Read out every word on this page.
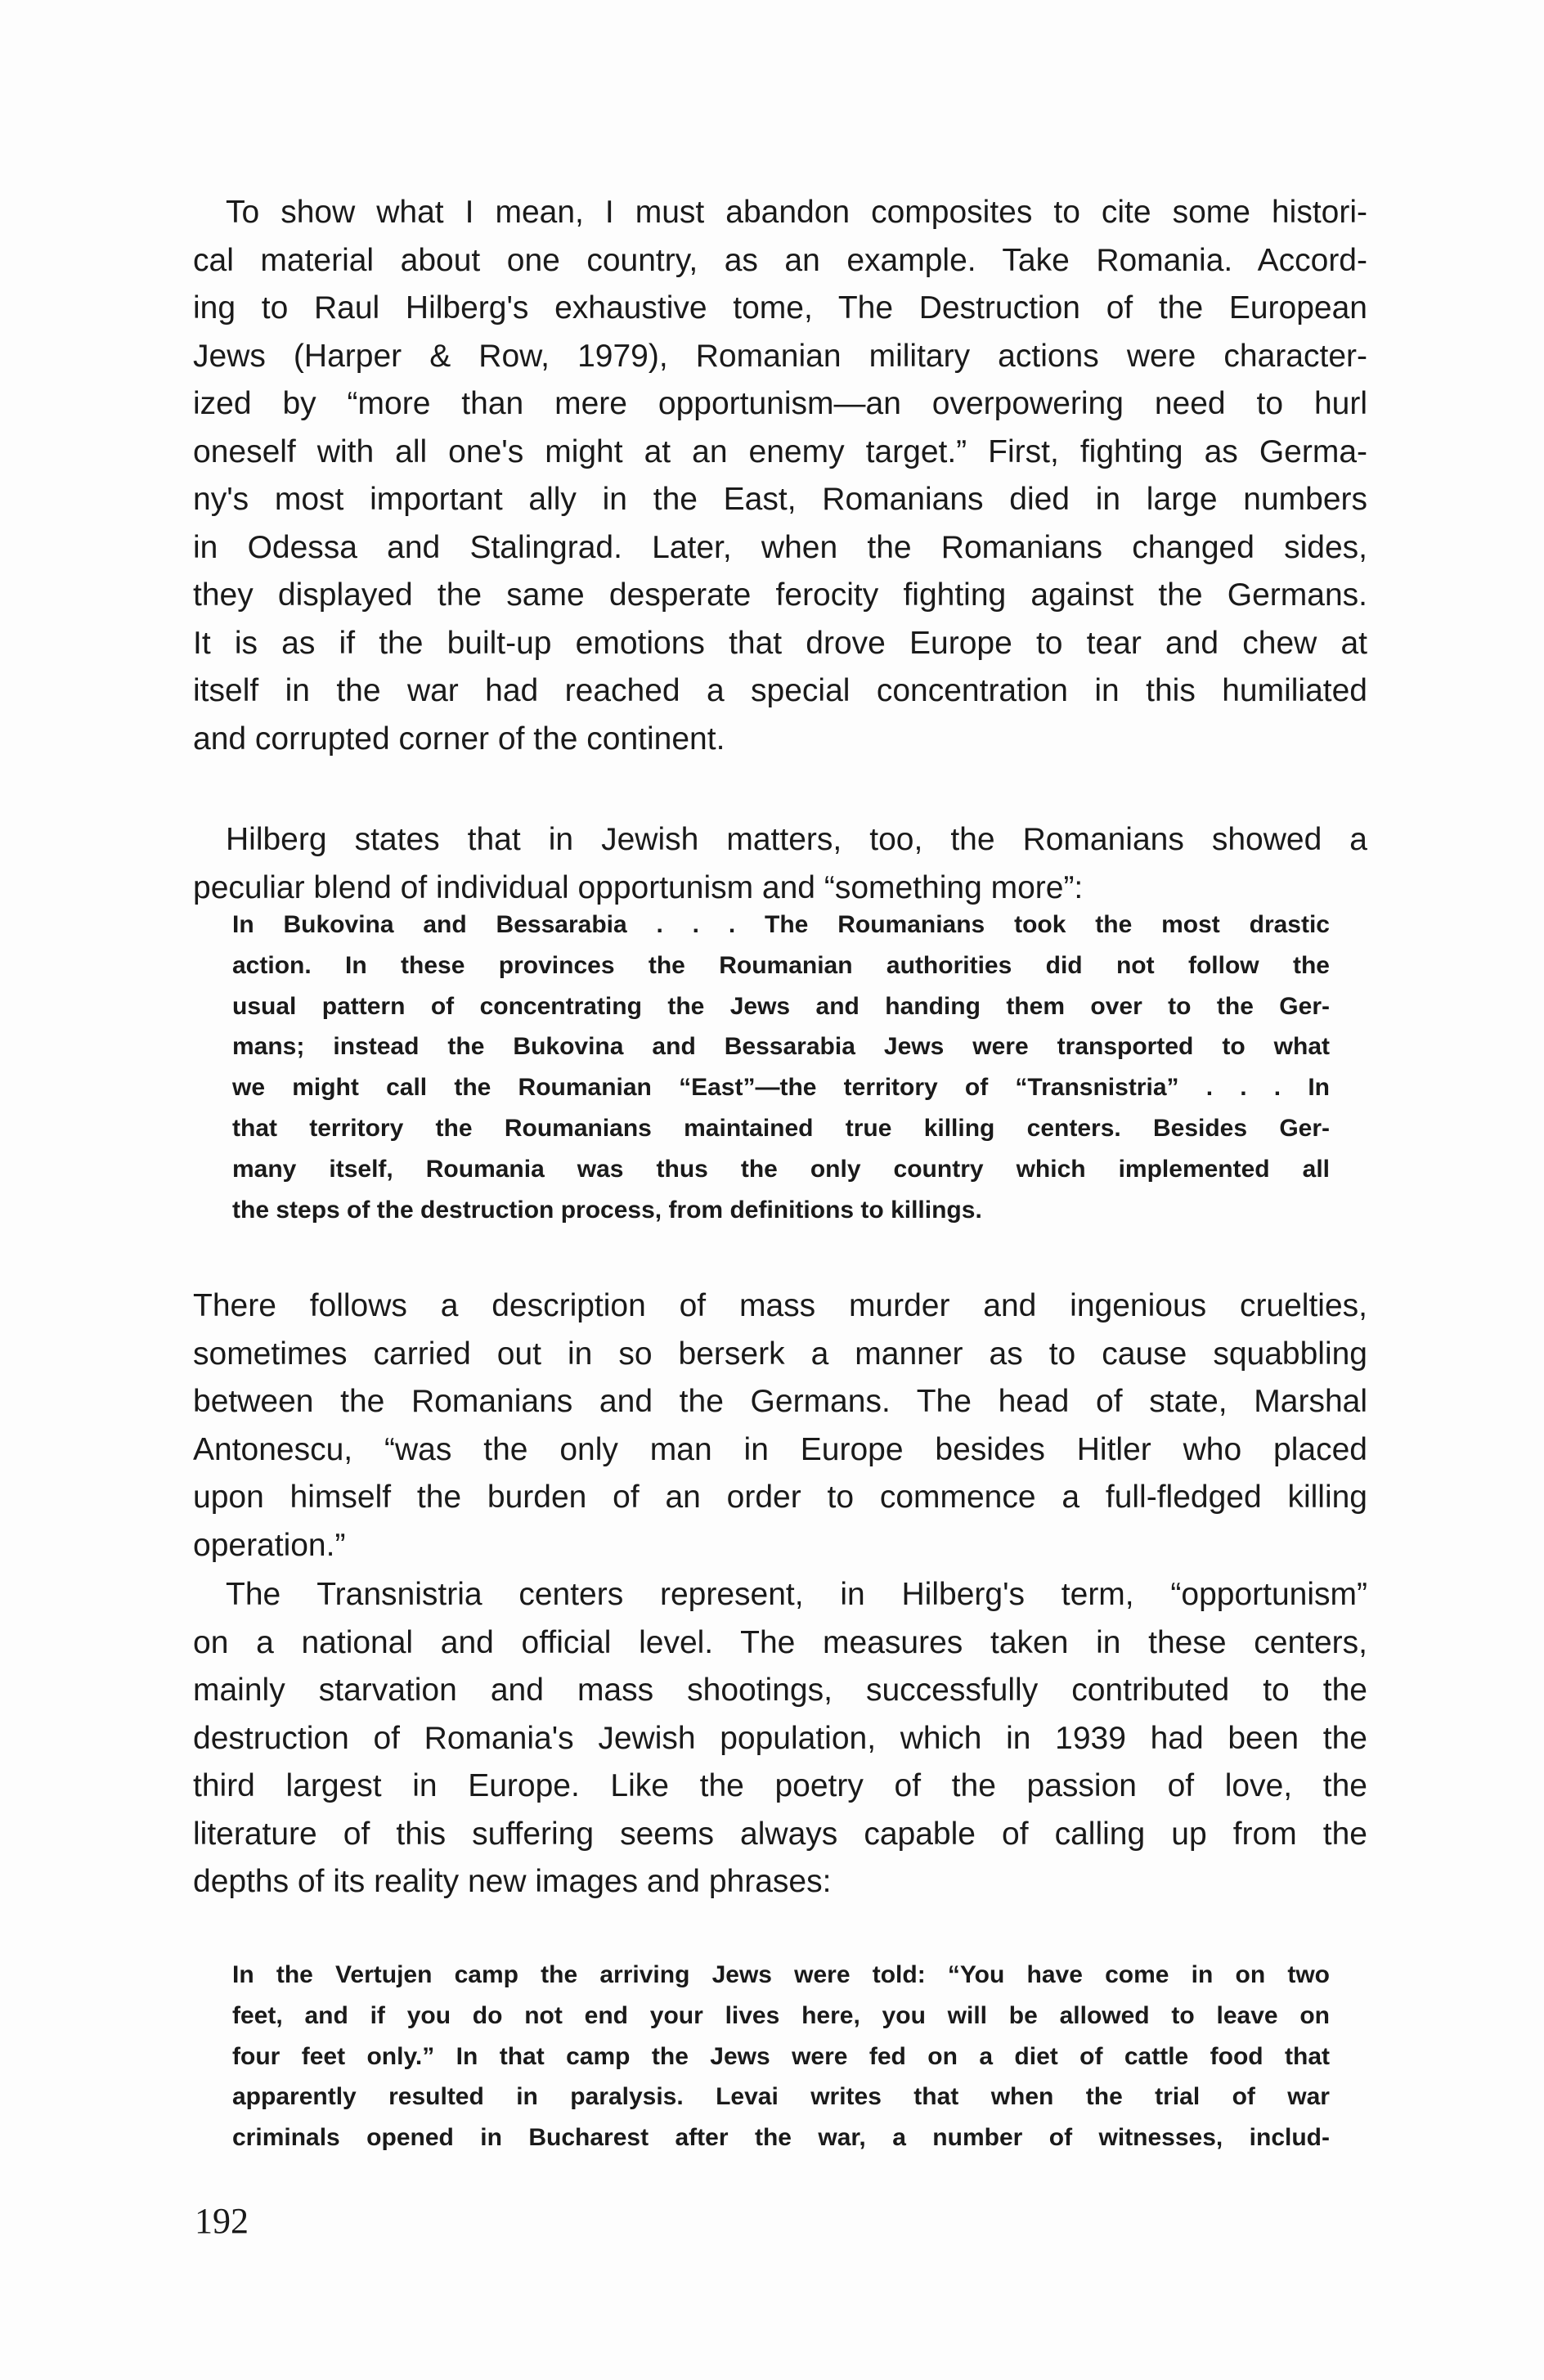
To show what I mean, I must abandon composites to cite some histori-
cal material about one country, as an example. Take Romania. Accord-
ing to Raul Hilberg's exhaustive tome, The Destruction of the European
Jews (Harper & Row, 1979), Romanian military actions were character-
ized by “more than mere opportunism—an overpowering need to hurl
oneself with all one's might at an enemy target.” First, fighting as Germa-
ny's most important ally in the East, Romanians died in large numbers
in Odessa and Stalingrad. Later, when the Romanians changed sides,
they displayed the same desperate ferocity fighting against the Germans.
It is as if the built-up emotions that drove Europe to tear and chew at
itself in the war had reached a special concentration in this humiliated
and corrupted corner of the continent.
Hilberg states that in Jewish matters, too, the Romanians showed a
peculiar blend of individual opportunism and “something more”:
In Bukovina and Bessarabia . . . The Roumanians took the most drastic
action. In these provinces the Roumanian authorities did not follow the
usual pattern of concentrating the Jews and handing them over to the Ger-
mans; instead the Bukovina and Bessarabia Jews were transported to what
we might call the Roumanian “East”—the territory of “Transnistria” . . . In
that territory the Roumanians maintained true killing centers. Besides Ger-
many itself, Roumania was thus the only country which implemented all
the steps of the destruction process, from definitions to killings.
There follows a description of mass murder and ingenious cruelties,
sometimes carried out in so berserk a manner as to cause squabbling
between the Romanians and the Germans. The head of state, Marshal
Antonescu, “was the only man in Europe besides Hitler who placed
upon himself the burden of an order to commence a full-fledged killing
operation.”
The Transnistria centers represent, in Hilberg's term, “opportunism”
on a national and official level. The measures taken in these centers,
mainly starvation and mass shootings, successfully contributed to the
destruction of Romania's Jewish population, which in 1939 had been the
third largest in Europe. Like the poetry of the passion of love, the
literature of this suffering seems always capable of calling up from the
depths of its reality new images and phrases:
In the Vertujen camp the arriving Jews were told: “You have come in on two
feet, and if you do not end your lives here, you will be allowed to leave on
four feet only.” In that camp the Jews were fed on a diet of cattle food that
apparently resulted in paralysis. Levai writes that when the trial of war
criminals opened in Bucharest after the war, a number of witnesses, includ-
192
